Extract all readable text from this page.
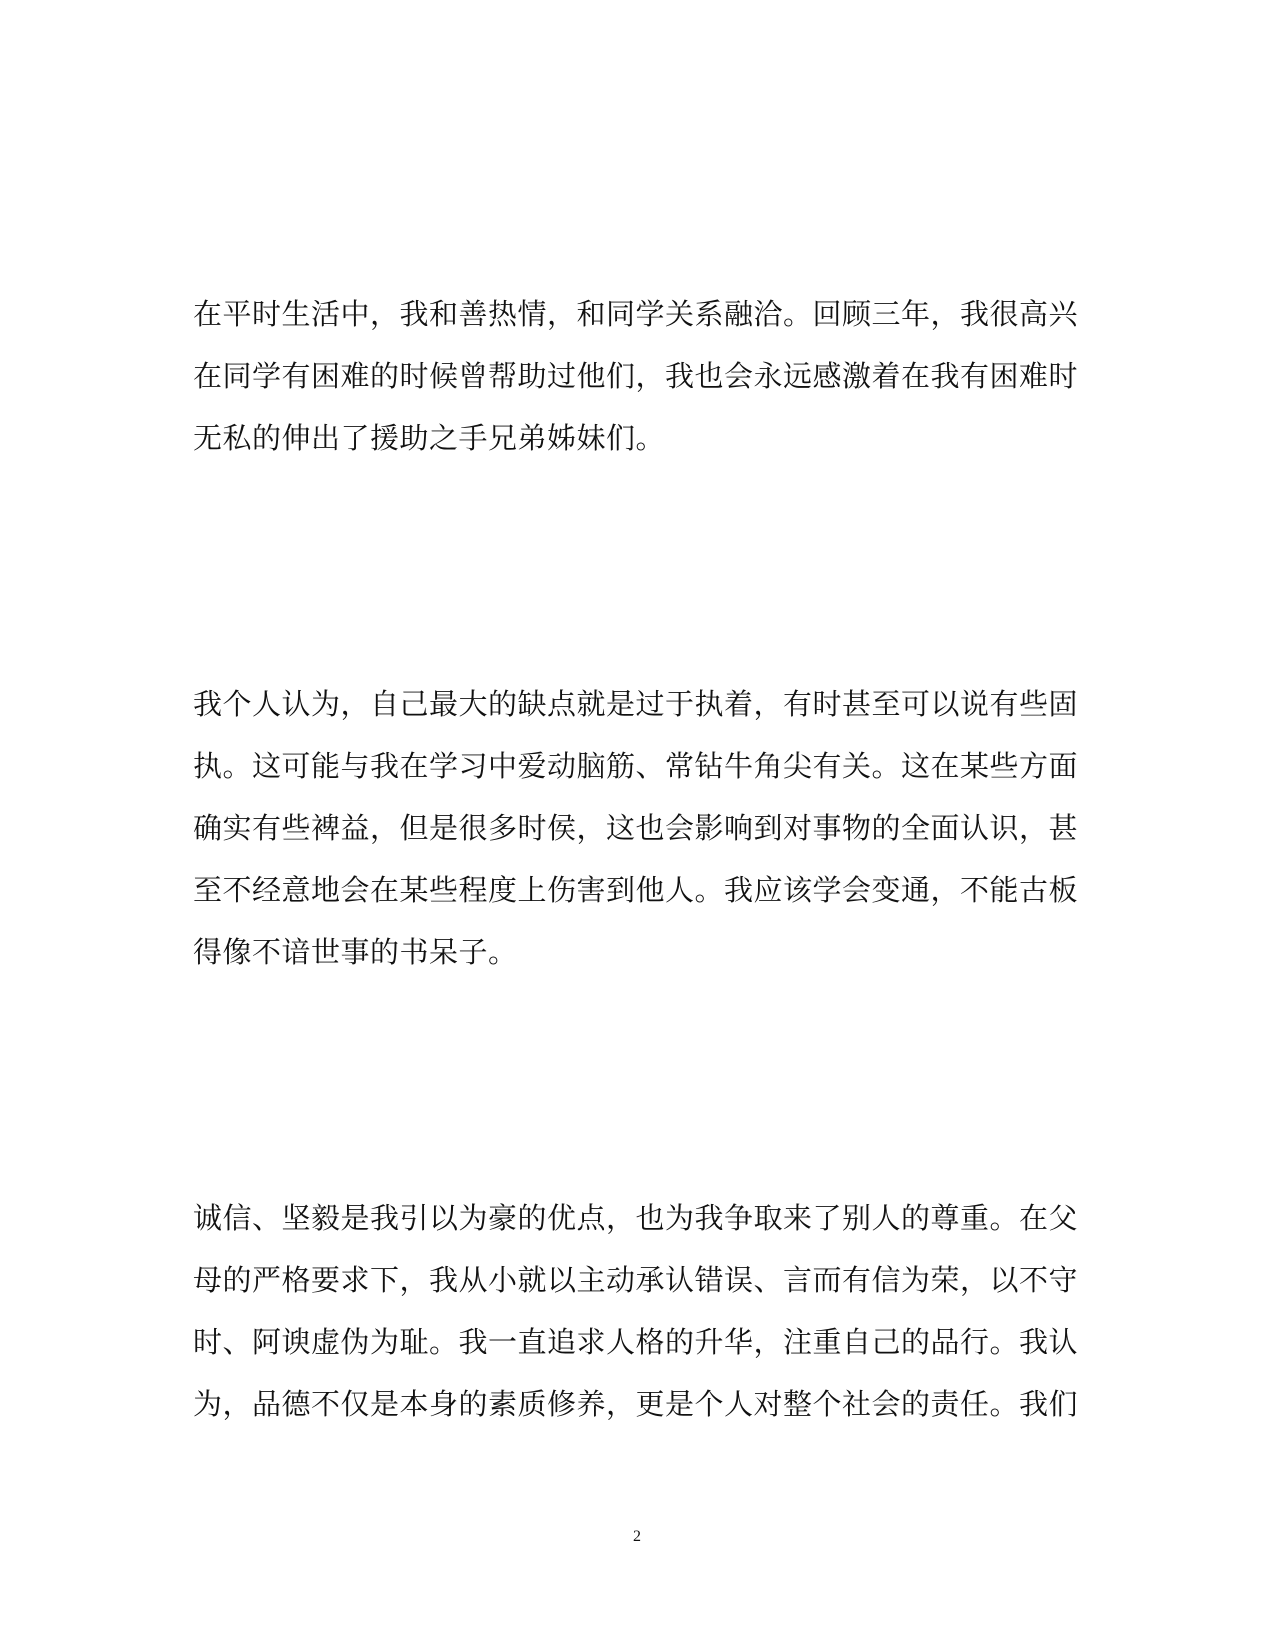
在平时生活中，我和善热情，和同学关系融洽。回顾三年，我很高兴
在同学有困难的时候曾帮助过他们，我也会永远感激着在我有困难时
无私的伸出了援助之手兄弟姊妹们。
我个人认为，自己最大的缺点就是过于执着，有时甚至可以说有些固
执。这可能与我在学习中爱动脑筋、常钻牛角尖有关。这在某些方面
确实有些裨益，但是很多时侯，这也会影响到对事物的全面认识，甚
至不经意地会在某些程度上伤害到他人。我应该学会变通，不能古板
得像不谙世事的书呆子。
诚信、坚毅是我引以为豪的优点，也为我争取来了别人的尊重。在父
母的严格要求下，我从小就以主动承认错误、言而有信为荣，以不守
时、阿谀虚伪为耻。我一直追求人格的升华，注重自己的品行。我认
为，品德不仅是本身的素质修养，更是个人对整个社会的责任。我们
2
